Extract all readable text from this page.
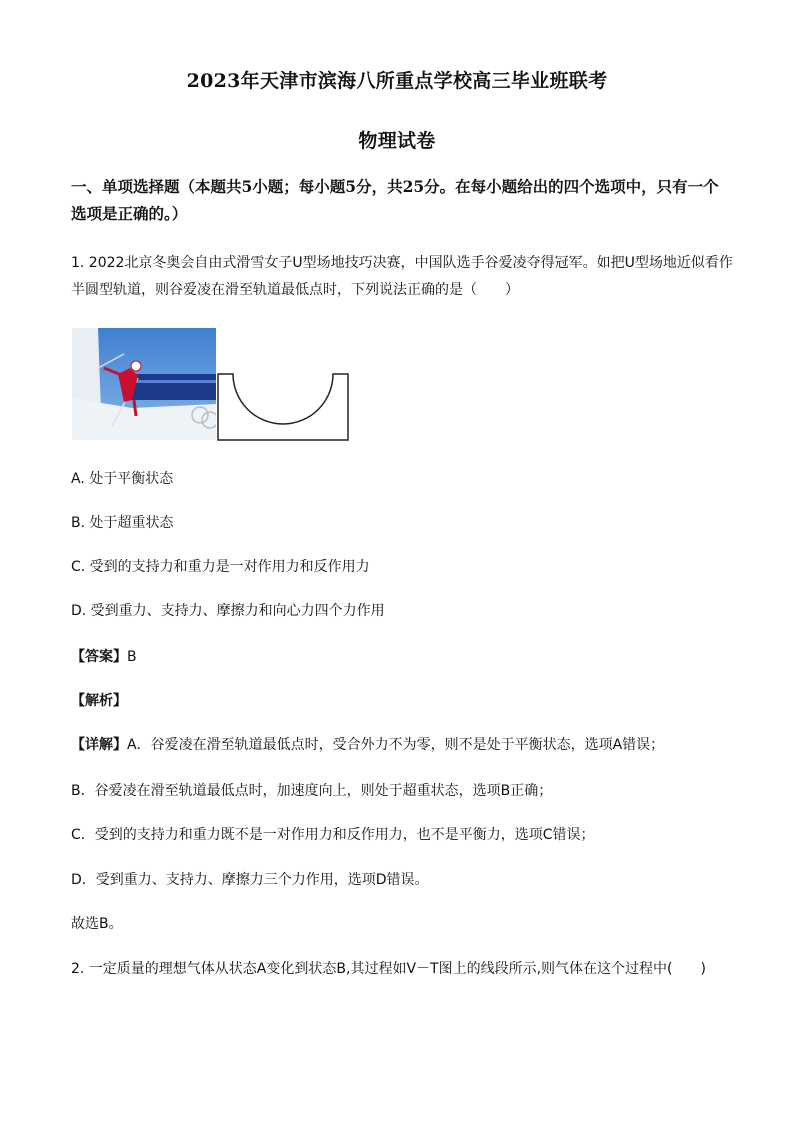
2023年天津市滨海八所重点学校高三毕业班联考
物理试卷
一、单项选择题（本题共5小题；每小题5分，共25分。在每小题给出的四个选项中，只有一个选项是正确的。）
1. 2022北京冬奥会自由式滑雪女子U型场地技巧决赛，中国队选手谷爱凌夺得冠军。如把U型场地近似看作半圆型轨道，则谷爱凌在滑至轨道最低点时，下列说法正确的是（　　）
A. 处于平衡状态
B. 处于超重状态
C. 受到的支持力和重力是一对作用力和反作用力
D. 受到重力、支持力、摩擦力和向心力四个力作用
【答案】B
【解析】
【详解】A．谷爱凌在滑至轨道最低点时，受合外力不为零，则不是处于平衡状态，选项A错误；
B．谷爱凌在滑至轨道最低点时，加速度向上，则处于超重状态，选项B正确；
C．受到的支持力和重力既不是一对作用力和反作用力，也不是平衡力，选项C错误；
D．受到重力、支持力、摩擦力三个力作用，选项D错误。
故选B。
2. 一定质量的理想气体从状态A变化到状态B,其过程如V－T图上的线段所示,则气体在这个过程中(　　)
